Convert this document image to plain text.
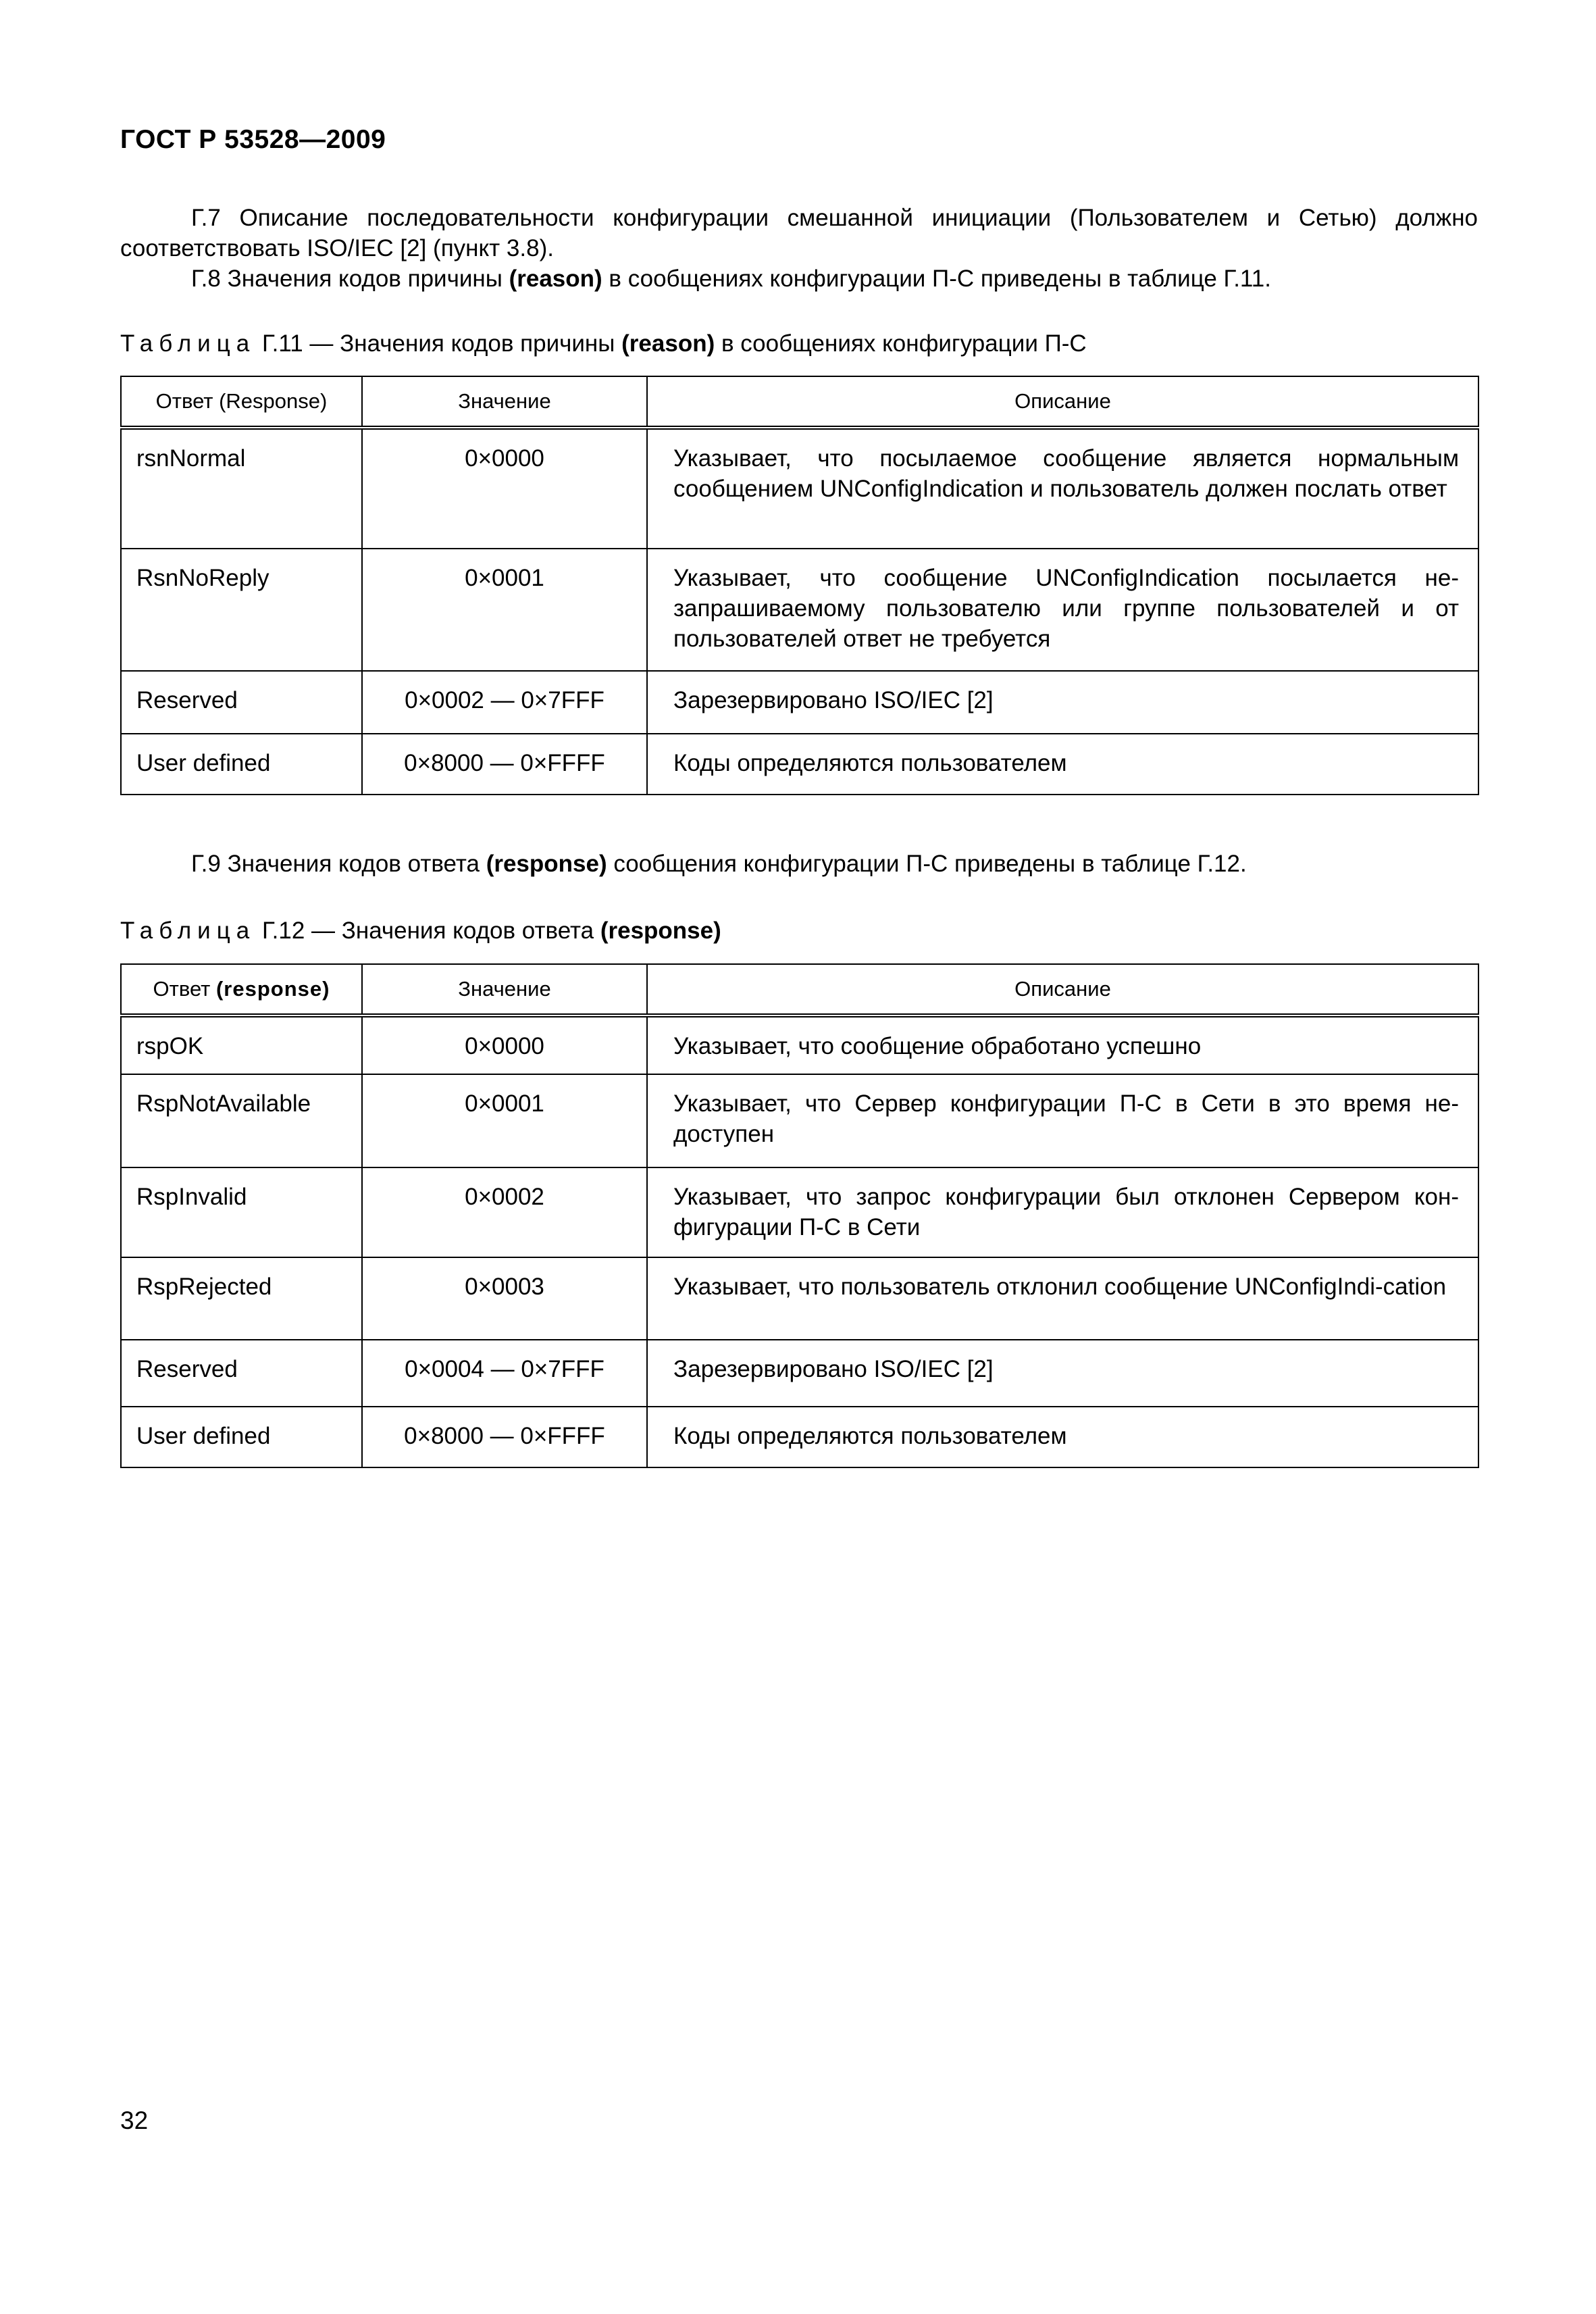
ГОСТ Р 53528—2009
Г.7 Описание последовательности конфигурации смешанной инициации (Пользователем и Сетью) должно соответствовать ISO/IEC [2] (пункт 3.8).
Г.8 Значения кодов причины (reason) в сообщениях конфигурации П-С приведены в таблице Г.11.
Таблица Г.11 — Значения кодов причины (reason) в сообщениях конфигурации П-С
Ответ (Response)	Значение	Описание
rsnNormal	0×0000	Указывает, что посылаемое сообщение является нормальным сообщением UNConfigIndication и пользователь должен послать ответ
RsnNoReply	0×0001	Указывает, что сообщение UNConfigIndication посылается не-запрашиваемому пользователю или группе пользователей и от пользователей ответ не требуется
Reserved	0×0002 — 0×7FFF	Зарезервировано ISO/IEC [2]
User defined	0×8000 — 0×FFFF	Коды определяются пользователем
Г.9 Значения кодов ответа (response) сообщения конфигурации П-С приведены в таблице Г.12.
Таблица Г.12 — Значения кодов ответа (response)
Ответ (response)	Значение	Описание
rspOK	0×0000	Указывает, что сообщение обработано успешно
RspNotAvailable	0×0001	Указывает, что Сервер конфигурации П-С в Сети в это время не-доступен
RspInvalid	0×0002	Указывает, что запрос конфигурации был отклонен Сервером кон-фигурации П-С в Сети
RspRejected	0×0003	Указывает, что пользователь отклонил сообщение UNConfigIndi-cation
Reserved	0×0004 — 0×7FFF	Зарезервировано ISO/IEC [2]
User defined	0×8000 — 0×FFFF	Коды определяются пользователем
32
